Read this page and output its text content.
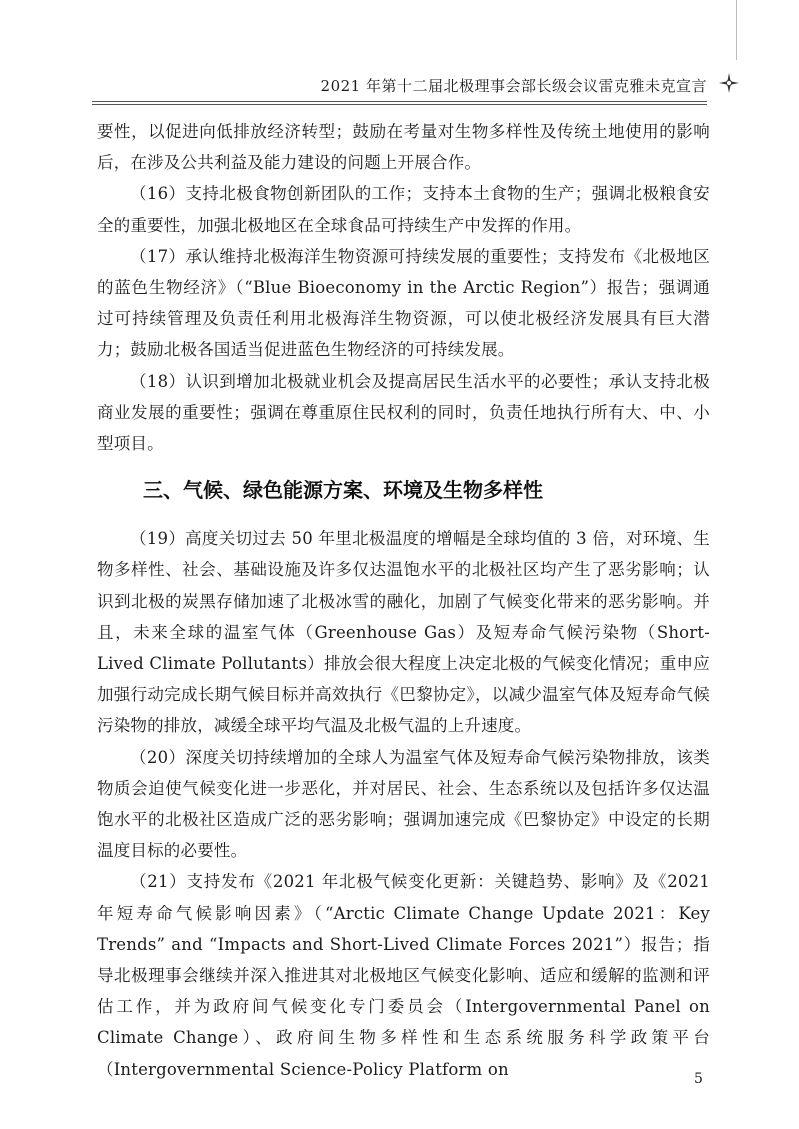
2021 年第十二届北极理事会部长级会议雷克雅未克宣言

要性，以促进向低排放经济转型；鼓励在考量对生物多样性及传统土地使用的影响后，在涉及公共利益及能力建设的问题上开展合作。

（16）支持北极食物创新团队的工作；支持本土食物的生产；强调北极粮食安全的重要性，加强北极地区在全球食品可持续生产中发挥的作用。

（17）承认维持北极海洋生物资源可持续发展的重要性；支持发布《北极地区的蓝色生物经济》（“Blue Bioeconomy in the Arctic Region”）报告；强调通过可持续管理及负责任利用北极海洋生物资源，可以使北极经济发展具有巨大潜力；鼓励北极各国适当促进蓝色生物经济的可持续发展。

（18）认识到增加北极就业机会及提高居民生活水平的必要性；承认支持北极商业发展的重要性；强调在尊重原住民权利的同时，负责任地执行所有大、中、小型项目。

三、气候、绿色能源方案、环境及生物多样性

（19）高度关切过去 50 年里北极温度的增幅是全球均值的 3 倍，对环境、生物多样性、社会、基础设施及许多仅达温饱水平的北极社区均产生了恶劣影响；认识到北极的炭黑存储加速了北极冰雪的融化，加剧了气候变化带来的恶劣影响。并且，未来全球的温室气体（Greenhouse Gas）及短寿命气候污染物（Short-Lived Climate Pollutants）排放会很大程度上决定北极的气候变化情况；重申应加强行动完成长期气候目标并高效执行《巴黎协定》，以减少温室气体及短寿命气候污染物的排放，减缓全球平均气温及北极气温的上升速度。

（20）深度关切持续增加的全球人为温室气体及短寿命气候污染物排放，该类物质会迫使气候变化进一步恶化，并对居民、社会、生态系统以及包括许多仅达温饱水平的北极社区造成广泛的恶劣影响；强调加速完成《巴黎协定》中设定的长期温度目标的必要性。

（21）支持发布《2021 年北极气候变化更新：关键趋势、影响》及《2021 年短寿命气候影响因素》（“Arctic Climate Change Update 2021：Key Trends” and “Impacts and Short-Lived Climate Forces 2021”）报告；指导北极理事会继续并深入推进其对北极地区气候变化影响、适应和缓解的监测和评估工作，并为政府间气候变化专门委员会（Intergovernmental Panel on Climate Change）、政府间生物多样性和生态系统服务科学政策平台（Intergovernmental Science-Policy Platform on

5
